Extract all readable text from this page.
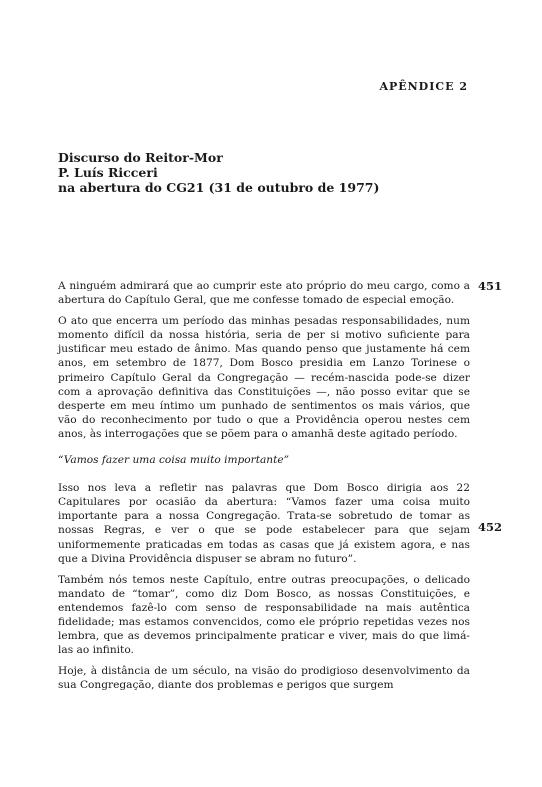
APÊNDICE 2
Discurso do Reitor-Mor
P. Luís Ricceri
na abertura do CG21 (31 de outubro de 1977)
451
452

A ninguém admirará que ao cumprir este ato próprio do meu cargo, como a abertura do Capítulo Geral, que me confesse tomado de especial emoção.

O ato que encerra um período das minhas pesadas responsabilidades, num momento difícil da nossa história, seria de per si motivo suficiente para justificar meu estado de ânimo. Mas quando penso que justamente há cem anos, em setembro de 1877, Dom Bosco presidia em Lanzo Torinese o primeiro Capítulo Geral da Congregação — recém-nascida pode-se dizer com a aprovação definitiva das Constituições —, não posso evitar que se desperte em meu íntimo um punhado de sentimentos os mais vários, que vão do reconhecimento por tudo o que a Providência operou nestes cem anos, às interrogações que se põem para o amanhã deste agitado período.

“Vamos fazer uma coisa muito importante”

Isso nos leva a refletir nas palavras que Dom Bosco dirigia aos 22 Capitulares por ocasião da abertura: “Vamos fazer uma coisa muito importante para a nossa Congregação. Trata-se sobretudo de tomar as nossas Regras, e ver o que se pode estabelecer para que sejam uniformemente praticadas em todas as casas que já existem agora, e nas que a Divina Providência dispuser se abram no futuro”.

Também nós temos neste Capítulo, entre outras preocupações, o delicado mandato de “tomar”, como diz Dom Bosco, as nossas Constituições, e entendemos fazê-lo com senso de responsabilidade na mais autêntica fidelidade; mas estamos convencidos, como ele próprio repetidas vezes nos lembra, que as devemos principalmente praticar e viver, mais do que limá-las ao infinito.

Hoje, à distância de um século, na visão do prodigioso desenvolvimento da sua Congregação, diante dos problemas e perigos que surgem
